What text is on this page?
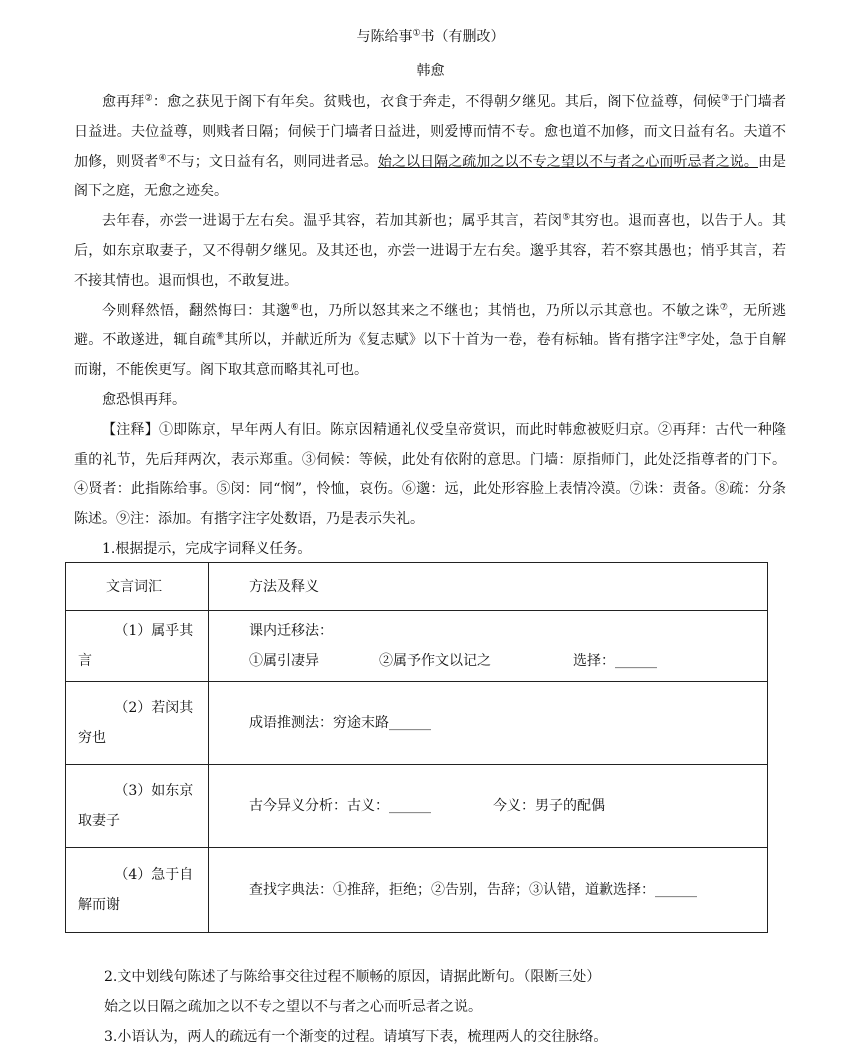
与陈给事①书（有删改）
韩愈

愈再拜②：愈之获见于阁下有年矣。贫贱也，衣食于奔走，不得朝夕继见。其后，阁下位益尊，伺候③于门墙者日益进。夫位益尊，则贱者日隔；伺候于门墙者日益进，则爱博而情不专。愈也道不加修，而文日益有名。夫道不加修，则贤者④不与；文日益有名，则同进者忌。始之以日隔之疏加之以不专之望以不与者之心而听忌者之说。由是阁下之庭，无愈之迹矣。

去年春，亦尝一进谒于左右矣。温乎其容，若加其新也；属乎其言，若闵⑤其穷也。退而喜也，以告于人。其后，如东京取妻子，又不得朝夕继见。及其还也，亦尝一进谒于左右矣。邈乎其容，若不察其愚也；悄乎其言，若不接其情也。退而惧也，不敢复进。

今则释然悟，翻然悔曰：其邈⑥也，乃所以怒其来之不继也；其悄也，乃所以示其意也。不敏之诛⑦，无所逃避。不敢遂进，辄自疏⑧其所以，并献近所为《复志赋》以下十首为一卷，卷有标轴。皆有揩字注⑨字处，急于自解而谢，不能俟更写。阁下取其意而略其礼可也。

愈恐惧再拜。

【注释】①即陈京，早年两人有旧。陈京因精通礼仪受皇帝赏识，而此时韩愈被贬归京。②再拜：古代一种隆重的礼节，先后拜两次，表示郑重。③伺候：等候，此处有依附的意思。门墙：原指师门，此处泛指尊者的门下。④贤者：此指陈给事。⑤闵：同“悯”，怜恤，哀伤。⑥邈：远，此处形容脸上表情冷漠。⑦诛：责备。⑧疏：分条陈述。⑨注：添加。有揩字注字处数语，乃是表示失礼。

1.根据提示，完成字词释义任务。

文言词汇	方法及释义

（1）属乎其言	课内迁移法：
①属引凄异 ②属予作文以记之 选择：______

（2）若闵其穷也	成语推测法：穷途末路______

（3）如东京取妻子	古今异义分析：古义：______ 今义：男子的配偶

（4）急于自解而谢	查找字典法：①推辞，拒绝；②告别，告辞；③认错，道歉选择：______

2.文中划线句陈述了与陈给事交往过程不顺畅的原因，请据此断句。（限断三处）

始之以日隔之疏加之以不专之望以不与者之心而听忌者之说。

3.小语认为，两人的疏远有一个渐变的过程。请填写下表，梳理两人的交往脉络。
